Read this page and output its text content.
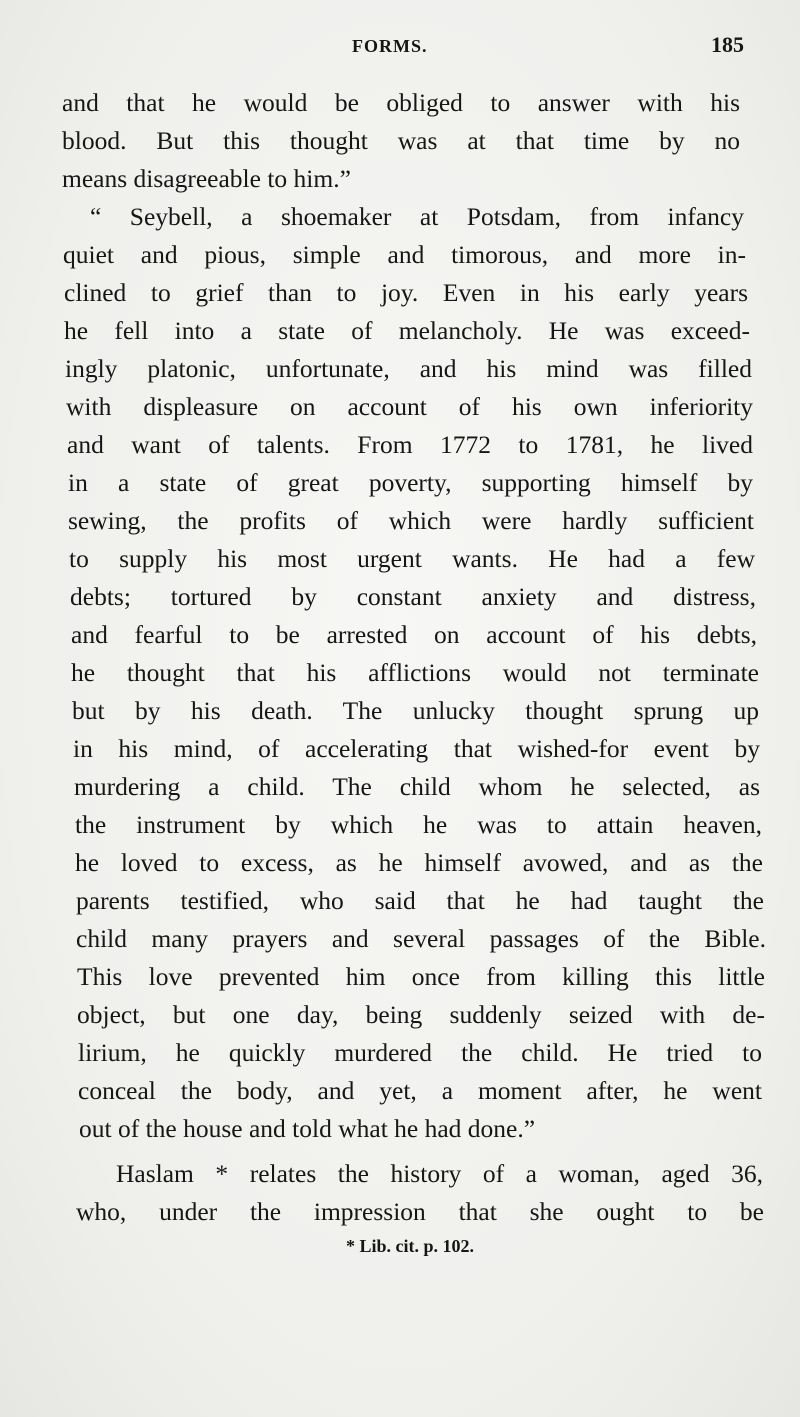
FORMS.	185
and that he would be obliged to answer with his
blood. But this thought was at that time by no
means disagreeable to him.”
“ Seybell, a shoemaker at Potsdam, from infancy
quiet and pious, simple and timorous, and more in-
clined to grief than to joy. Even in his early years
he fell into a state of melancholy. He was exceed-
ingly platonic, unfortunate, and his mind was filled
with displeasure on account of his own inferiority
and want of talents. From 1772 to 1781, he lived
in a state of great poverty, supporting himself by
sewing, the profits of which were hardly sufficient
to supply his most urgent wants. He had a few
debts; tortured by constant anxiety and distress,
and fearful to be arrested on account of his debts,
he thought that his afflictions would not terminate
but by his death. The unlucky thought sprung up
in his mind, of accelerating that wished-for event by
murdering a child. The child whom he selected, as
the instrument by which he was to attain heaven,
he loved to excess, as he himself avowed, and as the
parents testified, who said that he had taught the
child many prayers and several passages of the Bible.
This love prevented him once from killing this little
object, but one day, being suddenly seized with de-
lirium, he quickly murdered the child. He tried to
conceal the body, and yet, a moment after, he went
out of the house and told what he had done.”
Haslam * relates the history of a woman, aged 36,
who, under the impression that she ought to be
* Lib. cit. p. 102.
